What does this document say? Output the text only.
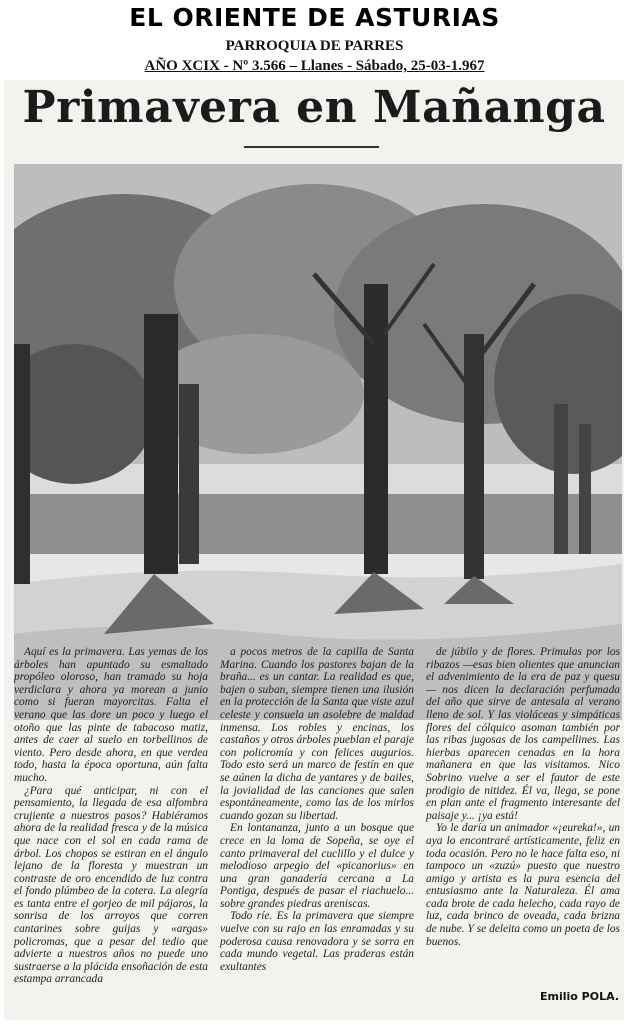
EL ORIENTE DE ASTURIAS
PARROQUIA DE PARRES
AÑO XCIX - Nº 3.566 – Llanes - Sábado, 25-03-1.967
Primavera en Mañanga

Aquí es la primavera. Las yemas de los árboles han apuntado su esmaltado propóleo oloroso, han tramado su hoja verdiclara y ahora ya morean a junio como si fueran mayorcitas. Falta el verano que las dore un poco y luego el otoño que las pinte de tabacoso matiz, antes de caer al suelo en torbellinos de viento. Pero desde ahora, en que verdea todo, hasta la época oportuna, aún falta mucho.

¿Para qué anticipar, ni con el pensamiento, la llegada de esa alfombra crujiente a nuestros pasos? Habiéramos ahora de la realidad fresca y de la música que nace con el sol en cada rama de árbol. Los chopos se estiran en el ángulo lejano de la floresta y muestran un contraste de oro encendido de luz contra el fondo plúmbeo de la cotera. La alegría es tanta entre el gorjeo de mil pájaros, la sonrisa de los arroyos que corren cantarines sobre guijas y «argas» policromas, que a pesar del tedio que advierte a nuestros años no puede uno sustraerse a la plácida ensoñación de esta estampa arrancada

a pocos metros de la capilla de Santa Marina. Cuando los pastores bajan de la braña... es un cantar. La realidad es que, bajen o suban, siempre tienen una ilusión en la protección de la Santa que viste azul celeste y consuela un asolebre de maldad inmensa. Los robles y encinas, los castaños y otros árboles pueblan el paraje con policromía y con felices augurios. Todo esto será un marco de festín en que se aúnen la dicha de yantares y de bailes, la jovialidad de las canciones que salen espontáneamente, como las de los mirlos cuando gozan su libertad.

En lontananza, junto a un bosque que crece en la loma de Sopeña, se oye el canto primaveral del cuclillo y el dulce y melodioso arpegio del «picanorius» en una gran ganadería cercana a La Pontiga, después de pasar el riachuelo... sobre grandes piedras areniscas.

Todo ríe. Es la primavera que siempre vuelve con su rajo en las enramadas y su poderosa causa renovadora y se sorra en cada mundo vegetal. Las praderas están exultantes

de júbilo y de flores. Primulas por los ribazos —esas bien olientes que anuncian el advenimiento de la era de paz y quesu— nos dicen la declaración perfumada del año que sirve de antesala al verano lleno de sol. Y las violáceas y simpáticas flores del cólquico asoman también por las ribas jugosas de los campellines. Las hierbas aparecen cenadas en la hora mañanera en que las visitamos. Nico Sobrino vuelve a ser el fautor de este prodigio de nitidez. Él va, llega, se pone en plan ante el fragmento interesante del paisaje y... ¡ya está!

Yo le daría un animador «¡eureka!», un aya lo encontraré artísticamente, feliz en toda ocasión. Pero no le hace falta eso, ni tampoco un «zuzú» puesto que nuestro amigo y artista es la pura esencia del entusiasmo ante la Naturaleza. Él ama cada brote de cada helecho, cada rayo de luz, cada brinco de oveada, cada brizna de nube. Y se deleita como un poeta de los buenos.

Emilio POLA.
